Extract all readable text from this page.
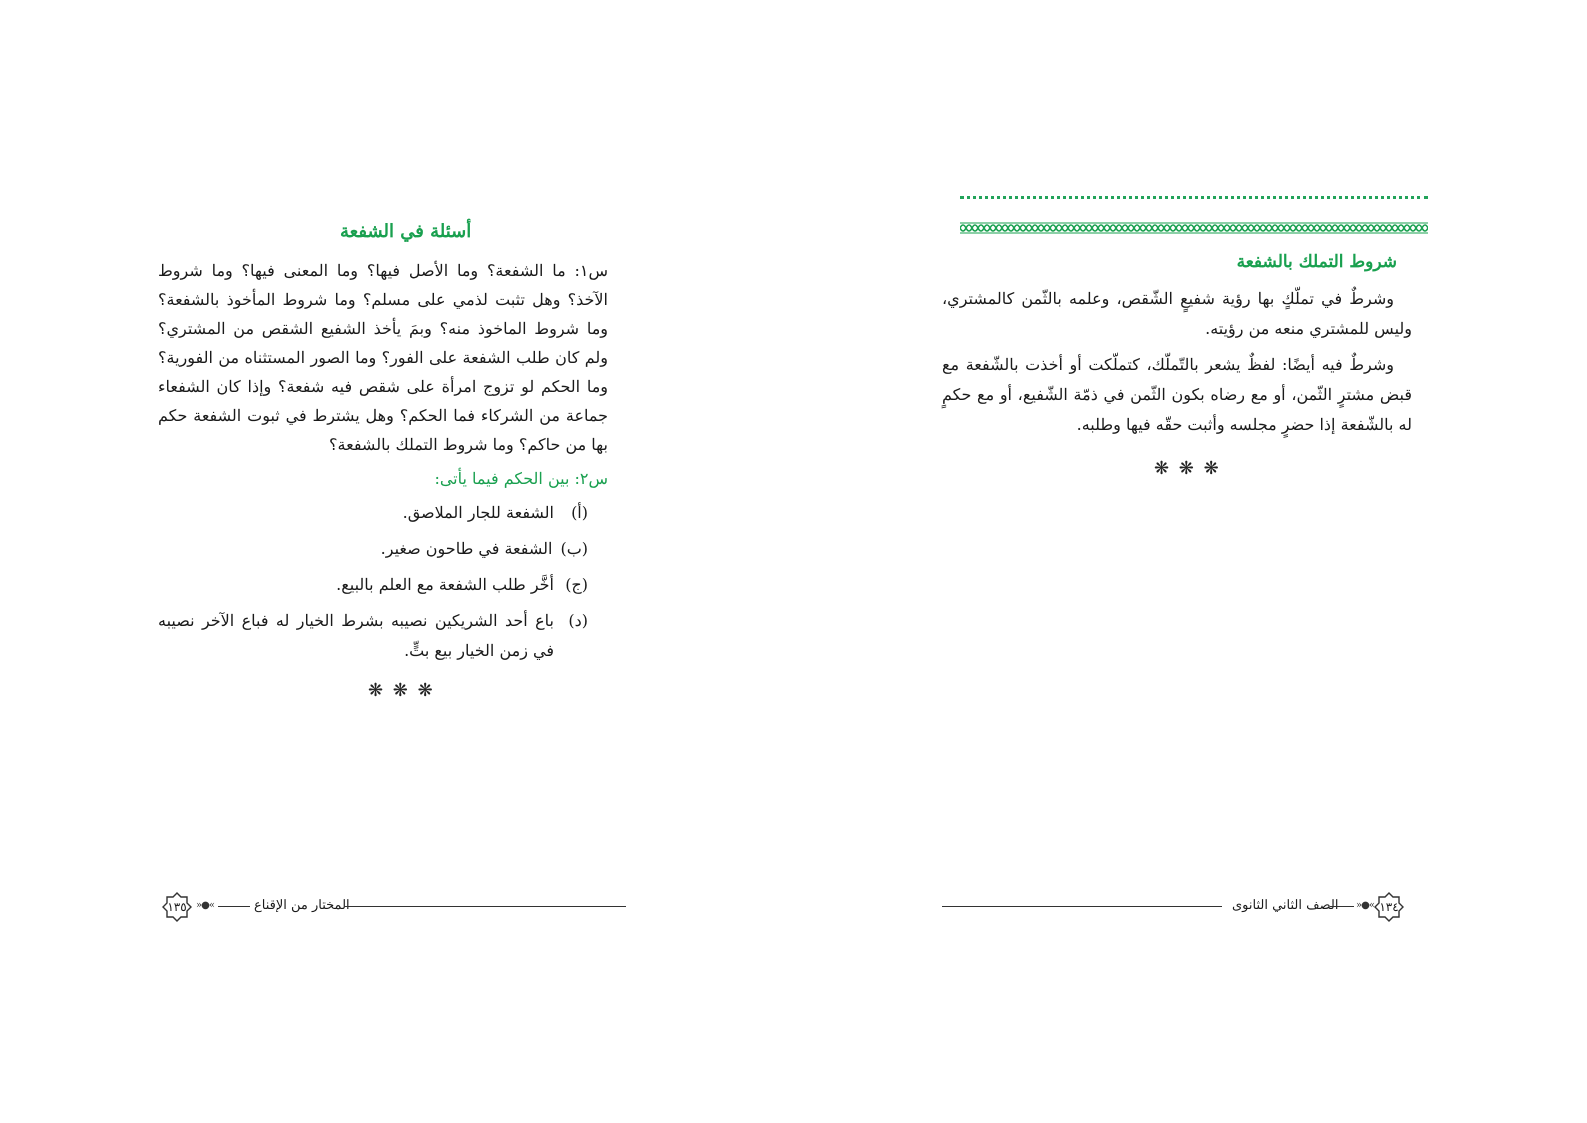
شروط التملك بالشفعة

وشرطٌ في تملّكٍ بها رؤية شفيعٍ الشّقص، وعلمه بالثّمن كالمشتري، وليس للمشتري منعه من رؤيته.

وشرطٌ فيه أيضًا: لفظٌ يشعر بالتّملّك، كتملّكت أو أخذت بالشّفعة مع قبض مشترٍ الثّمن، أو مع رضاه بكون الثّمن في ذمّة الشّفيع، أو مع حكمٍ له بالشّفعة إذا حضرٍ مجلسه وأثبت حقّه فيها وطلبه.

❋ ❋ ❋
الصف الثاني الثانوى »●« ١٣٤
أسئلة في الشفعة
س١: ما الشفعة؟ وما الأصل فيها؟ وما المعنى فيها؟ وما شروط الآخذ؟ وهل تثبت لذمي على مسلم؟ وما شروط المأخوذ بالشفعة؟ وما شروط الماخوذ منه؟ وبمَ يأخذ الشفيع الشقص من المشتري؟ ولم كان طلب الشفعة على الفور؟ وما الصور المستثناه من الفورية؟ وما الحكم لو تزوج امرأة على شقص فيه شفعة؟ وإذا كان الشفعاء جماعة من الشركاء فما الحكم؟ وهل يشترط في ثبوت الشفعة حكم بها من حاكم؟ وما شروط التملك بالشفعة؟
س٢: بين الحكم فيما يأتى:
(أ)
الشفعة للجار الملاصق.
(ب)
الشفعة في طاحون صغير.
(ج)
أخَّر طلب الشفعة مع العلم بالبيع.
(د)
باع أحد الشريكين نصيبه بشرط الخيار له فباع الآخر نصيبه في زمن الخيار بيع بتٍّ.
❋ ❋ ❋
١٣٥ »●«	المختار من الإقناع
